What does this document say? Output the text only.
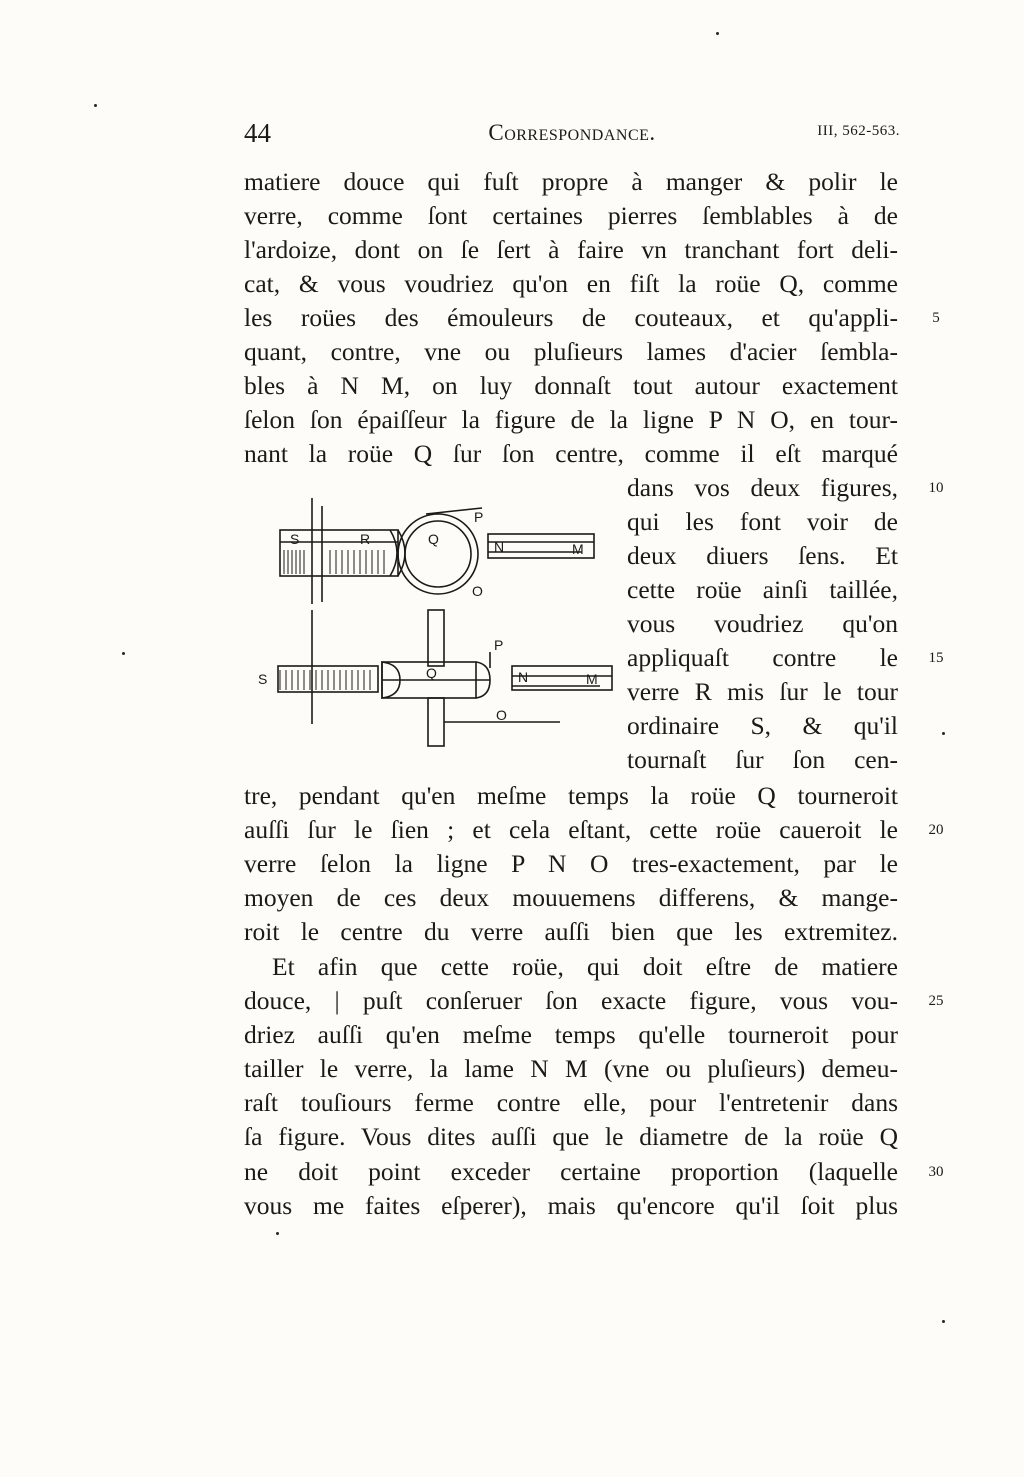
44	Correspondance.	III, 562-563.
matiere douce qui fuſt propre à manger & polir le
verre, comme ſont certaines pierres ſemblables à de
l'ardoize, dont on ſe ſert à faire vn tranchant fort deli-
cat, & vous voudriez qu'on en fiſt la roüe Q, comme
les roües des émouleurs de couteaux, et qu'appli-
quant, contre, vne ou pluſieurs lames d'acier ſembla-
bles à N M, on luy donnaſt tout autour exactement
ſelon ſon épaiſſeur la figure de la ligne P N O, en tour-
nant la roüe Q ſur ſon centre, comme il eſt marqué
dans vos deux figures,
qui les font voir de
deux diuers ſens. Et
cette roüe ainſi taillée,
vous voudriez qu'on
appliquaſt contre le
verre R mis ſur le tour
ordinaire S, & qu'il
tournaſt ſur ſon cen-
tre, pendant qu'en meſme temps la roüe Q tourneroit
auſſi ſur le ſien ; et cela eſtant, cette roüe caueroit le
verre ſelon la ligne P N O tres-exactement, par le
moyen de ces deux mouuemens differens, & mange-
roit le centre du verre auſſi bien que les extremitez.
Et afin que cette roüe, qui doit eſtre de matiere
douce, | puſt conſeruer ſon exacte figure, vous vou-
driez auſſi qu'en meſme temps qu'elle tourneroit pour
tailler le verre, la lame N M (vne ou pluſieurs) demeu-
raſt touſiours ferme contre elle, pour l'entretenir dans
ſa figure. Vous dites auſſi que le diametre de la roüe Q
ne doit point exceder certaine proportion (laquelle
vous me faites eſperer), mais qu'encore qu'il ſoit plus
5
10
15
20
25
30
S	R	Q
P
O
N	M
S	Q
P
O
N	M
